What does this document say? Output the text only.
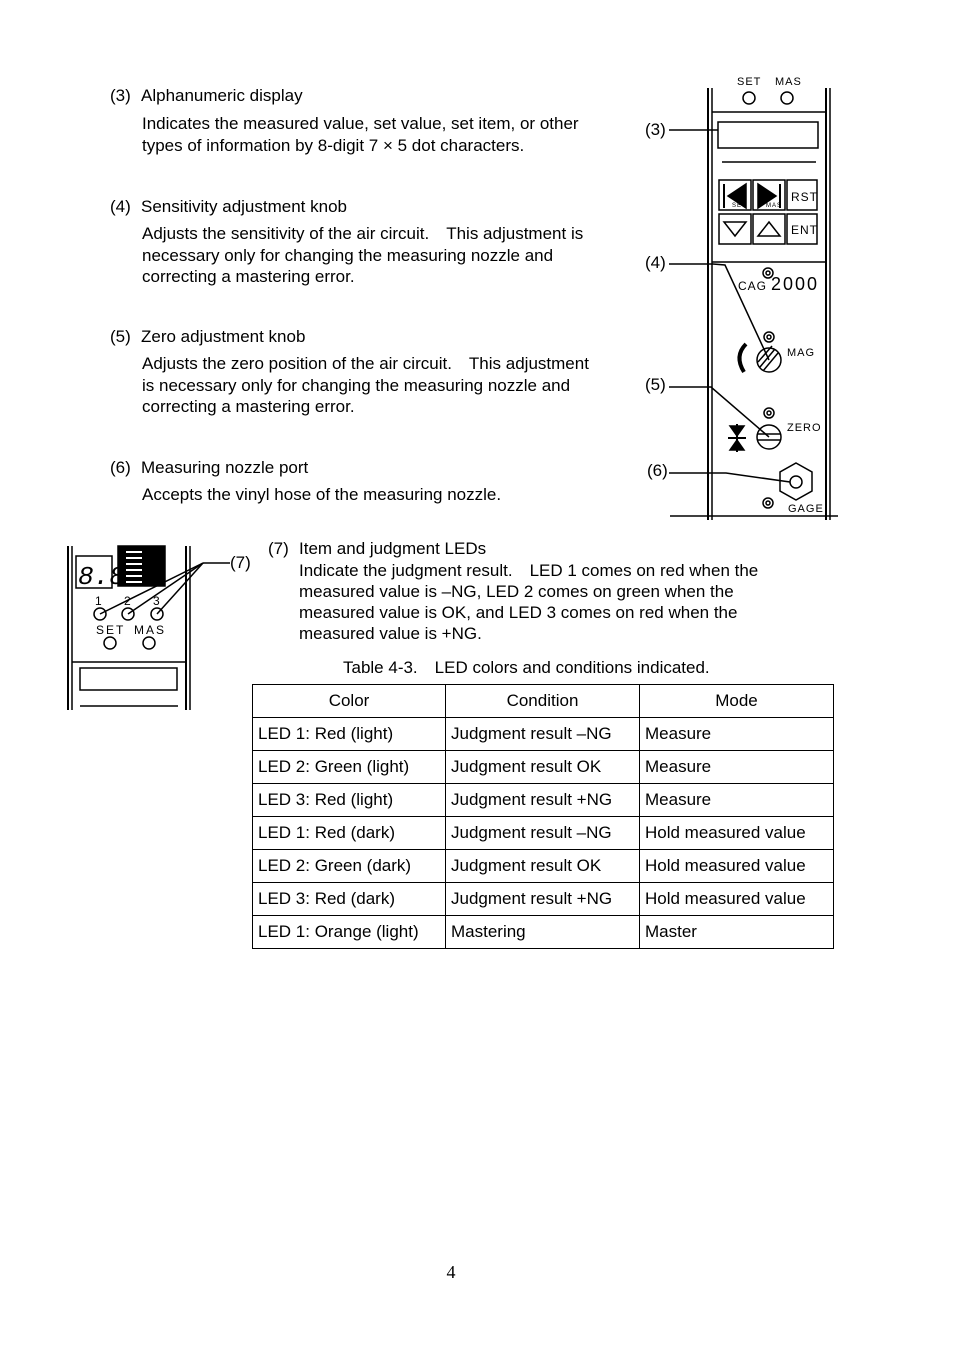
(3) Alphanumeric display
Indicates the measured value, set value, set item, or other
types of information by 8-digit 7 × 5 dot characters.
(4) Sensitivity adjustment knob
Adjusts the sensitivity of the air circuit.　This adjustment is
necessary only for changing the measuring nozzle and
correcting a mastering error.
(5) Zero adjustment knob
Adjusts the zero position of the air circuit.　This adjustment
is necessary only for changing the measuring nozzle and
correcting a mastering error.
(6) Measuring nozzle port
Accepts the vinyl hose of the measuring nozzle.
(7) Item and judgment LEDs
Indicate the judgment result.　LED 1 comes on red when the
measured value is –NG, LED 2 comes on green when the
measured value is OK, and LED 3 comes on red when the
measured value is +NG.
RST
ENT
SET	MAS
CAG 2000
MAG
ZERO
GAGE
(3)
(4)
(5)
(6)
8.8
1 2 3
SET MAS
(7)
Table 4-3.　LED colors and conditions indicated.
Color	Condition	Mode
LED 1: Red (light)	Judgment result –NG	Measure
LED 2: Green (light)	Judgment result OK	Measure
LED 3: Red (light)	Judgment result +NG	Measure
LED 1: Red (dark)	Judgment result –NG	Hold measured value
LED 2: Green (dark)	Judgment result OK	Hold measured value
LED 3: Red (dark)	Judgment result +NG	Hold measured value
LED 1: Orange (light)	Mastering	Master
SET MAS
4
